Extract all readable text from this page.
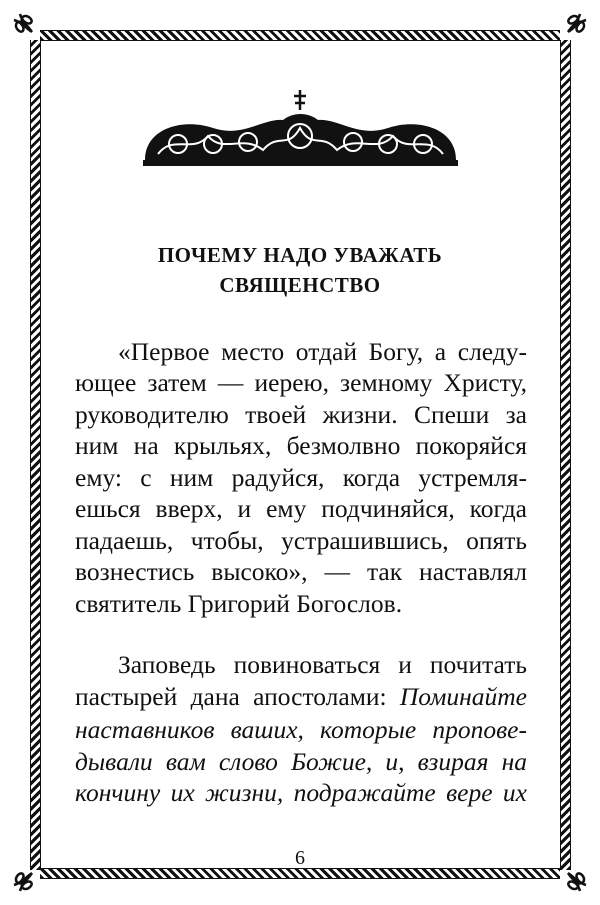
ПОЧЕМУ НАДО УВАЖАТЬ
СВЯЩЕНСТВО
«Первое место отдай Богу, а следу-
ющее затем — иерею, земному Христу,
руководителю твоей жизни. Спеши за
ним на крыльях, безмолвно покоряйся
ему: с ним радуйся, когда устремля-
ешься вверх, и ему подчиняйся, когда
падаешь, чтобы, устрашившись, опять
вознестись высоко», — так наставлял
святитель Григорий Богослов.
Заповедь повиноваться и почитать
пастырей дана апостолами: Поминайте
наставников ваших, которые пропове-
дывали вам слово Божие, и, взирая на
кончину их жизни, подражайте вере их
6
